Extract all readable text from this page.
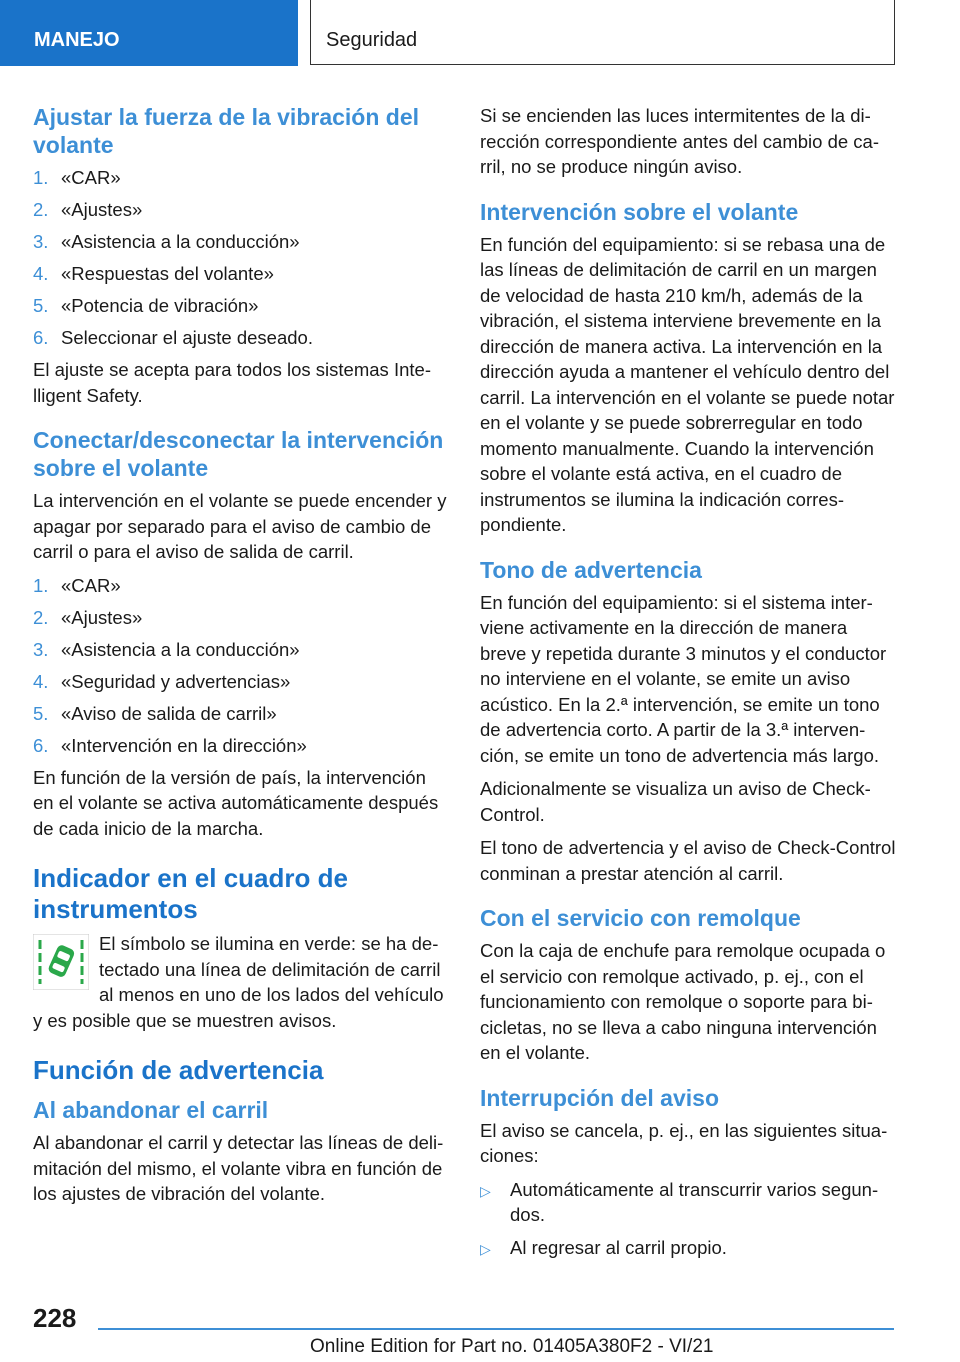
MANEJO	Seguridad
Ajustar la fuerza de la vibración del volante
1. «CAR»
2. «Ajustes»
3. «Asistencia a la conducción»
4. «Respuestas del volante»
5. «Potencia de vibración»
6. Seleccionar el ajuste deseado.

El ajuste se acepta para todos los sistemas Intelligent Safety.

Conectar/desconectar la intervención sobre el volante

La intervención en el volante se puede encender y apagar por separado para el aviso de cambio de carril o para el aviso de salida de carril.

1. «CAR»
2. «Ajustes»
3. «Asistencia a la conducción»
4. «Seguridad y advertencias»
5. «Aviso de salida de carril»
6. «Intervención en la dirección»

En función de la versión de país, la intervención en el volante se activa automáticamente después de cada inicio de la marcha.

Indicador en el cuadro de instrumentos

El símbolo se ilumina en verde: se ha detectado una línea de delimitación de carril al menos en uno de los lados del vehículo y es posible que se muestren avisos.

Función de advertencia
Al abandonar el carril

Al abandonar el carril y detectar las líneas de delimitación del mismo, el volante vibra en función de los ajustes de vibración del volante.

Si se encienden las luces intermitentes de la dirección correspondiente antes del cambio de carril, no se produce ningún aviso.

Intervención sobre el volante

En función del equipamiento: si se rebasa una de las líneas de delimitación de carril en un margen de velocidad de hasta 210 km/h, además de la vibración, el sistema interviene brevemente en la dirección de manera activa. La intervención en la dirección ayuda a mantener el vehículo dentro del carril. La intervención en el volante se puede notar en el volante y se puede sobrerregular en todo momento manualmente. Cuando la intervención sobre el volante está activa, en el cuadro de instrumentos se ilumina la indicación correspondiente.

Tono de advertencia

En función del equipamiento: si el sistema interviene activamente en la dirección de manera breve y repetida durante 3 minutos y el conductor no interviene en el volante, se emite un aviso acústico. En la 2.ª intervención, se emite un tono de advertencia corto. A partir de la 3.ª intervención, se emite un tono de advertencia más largo.

Adicionalmente se visualiza un aviso de Check-Control.

El tono de advertencia y el aviso de Check-Control conminan a prestar atención al carril.

Con el servicio con remolque

Con la caja de enchufe para remolque ocupada o el servicio con remolque activado, p. ej., con el funcionamiento con remolque o soporte para bicicletas, no se lleva a cabo ninguna intervención en el volante.

Interrupción del aviso

El aviso se cancela, p. ej., en las siguientes situaciones:

▷	Automáticamente al transcurrir varios segundos.
▷	Al regresar al carril propio.
228
Online Edition for Part no. 01405A380F2 - VI/21
